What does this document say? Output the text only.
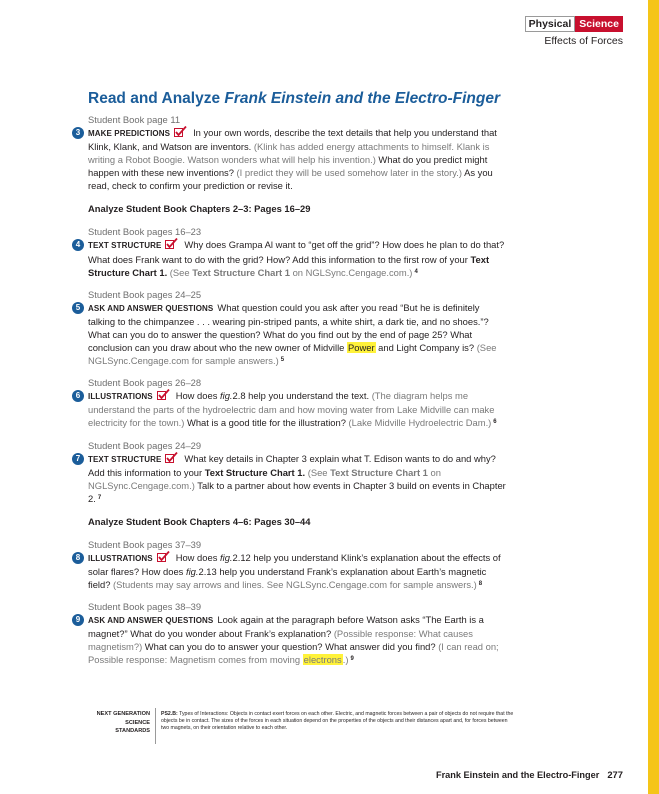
Physical Science
Effects of Forces
Read and Analyze Frank Einstein and the Electro-Finger
Student Book page 11
3 MAKE PREDICTIONS In your own words, describe the text details that help you understand that Klink, Klank, and Watson are inventors. (Klink has added energy attachments to himself. Klank is writing a Robot Boogie. Watson wonders what will help his invention.) What do you predict might happen with these new inventions? (I predict they will be used somehow later in the story.) As you read, check to confirm your prediction or revise it.
Analyze Student Book Chapters 2–3: Pages 16–29
Student Book pages 16–23
4 TEXT STRUCTURE Why does Grampa Al want to “get off the grid”? How does he plan to do that? What does Frank want to do with the grid? How? Add this information to the first row of your Text Structure Chart 1. (See Text Structure Chart 1 on NGLSync.Cengage.com.) $^4$
Student Book pages 24–25
5 ASK AND ANSWER QUESTIONS What question could you ask after you read “But he is definitely talking to the chimpanzee . . . wearing pin-striped pants, a white shirt, a dark tie, and no shoes.”? What can you do to answer the question? What do you find out by the end of page 25? What conclusion can you draw about who the new owner of Midville Power and Light Company is? (See NGLSync.Cengage.com for sample answers.) $^5$
Student Book pages 26–28
6 ILLUSTRATIONS How does fig.2.8 help you understand the text. (The diagram helps me understand the parts of the hydroelectric dam and how moving water from Lake Midville can make electricity for the town.) What is a good title for the illustration? (Lake Midville Hydroelectric Dam.) $^6$
Student Book pages 24–29
7 TEXT STRUCTURE What key details in Chapter 3 explain what T. Edison wants to do and why? Add this information to your Text Structure Chart 1. (See Text Structure Chart 1 on NGLSync.Cengage.com.) Talk to a partner about how events in Chapter 3 build on events in Chapter 2. $^7$
Analyze Student Book Chapters 4–6: Pages 30–44
Student Book pages 37–39
8 ILLUSTRATIONS How does fig.2.12 help you understand Klink’s explanation about the effects of solar flares? How does fig.2.13 help you understand Frank’s explanation about Earth’s magnetic field? (Students may say arrows and lines. See NGLSync.Cengage.com for sample answers.) $^8$
Student Book pages 38–39
9 ASK AND ANSWER QUESTIONS Look again at the paragraph before Watson asks “The Earth is a magnet?” What do you wonder about Frank’s explanation? (Possible response: What causes magnetism?) What can you do to answer your question? What answer did you find? (I can read on; Possible response: Magnetism comes from moving electrons.) $^9$
NEXT GENERATION
SCIENCE
STANDARDS
PS2.B: Types of Interactions: Objects in contact exert forces on each other. Electric, and magnetic forces between a pair of objects do not require that the objects be in contact. The sizes of the forces in each situation depend on the properties of the objects and their distances apart and, for forces between two magnets, on their orientation relative to each other.
Frank Einstein and the Electro-Finger 277
